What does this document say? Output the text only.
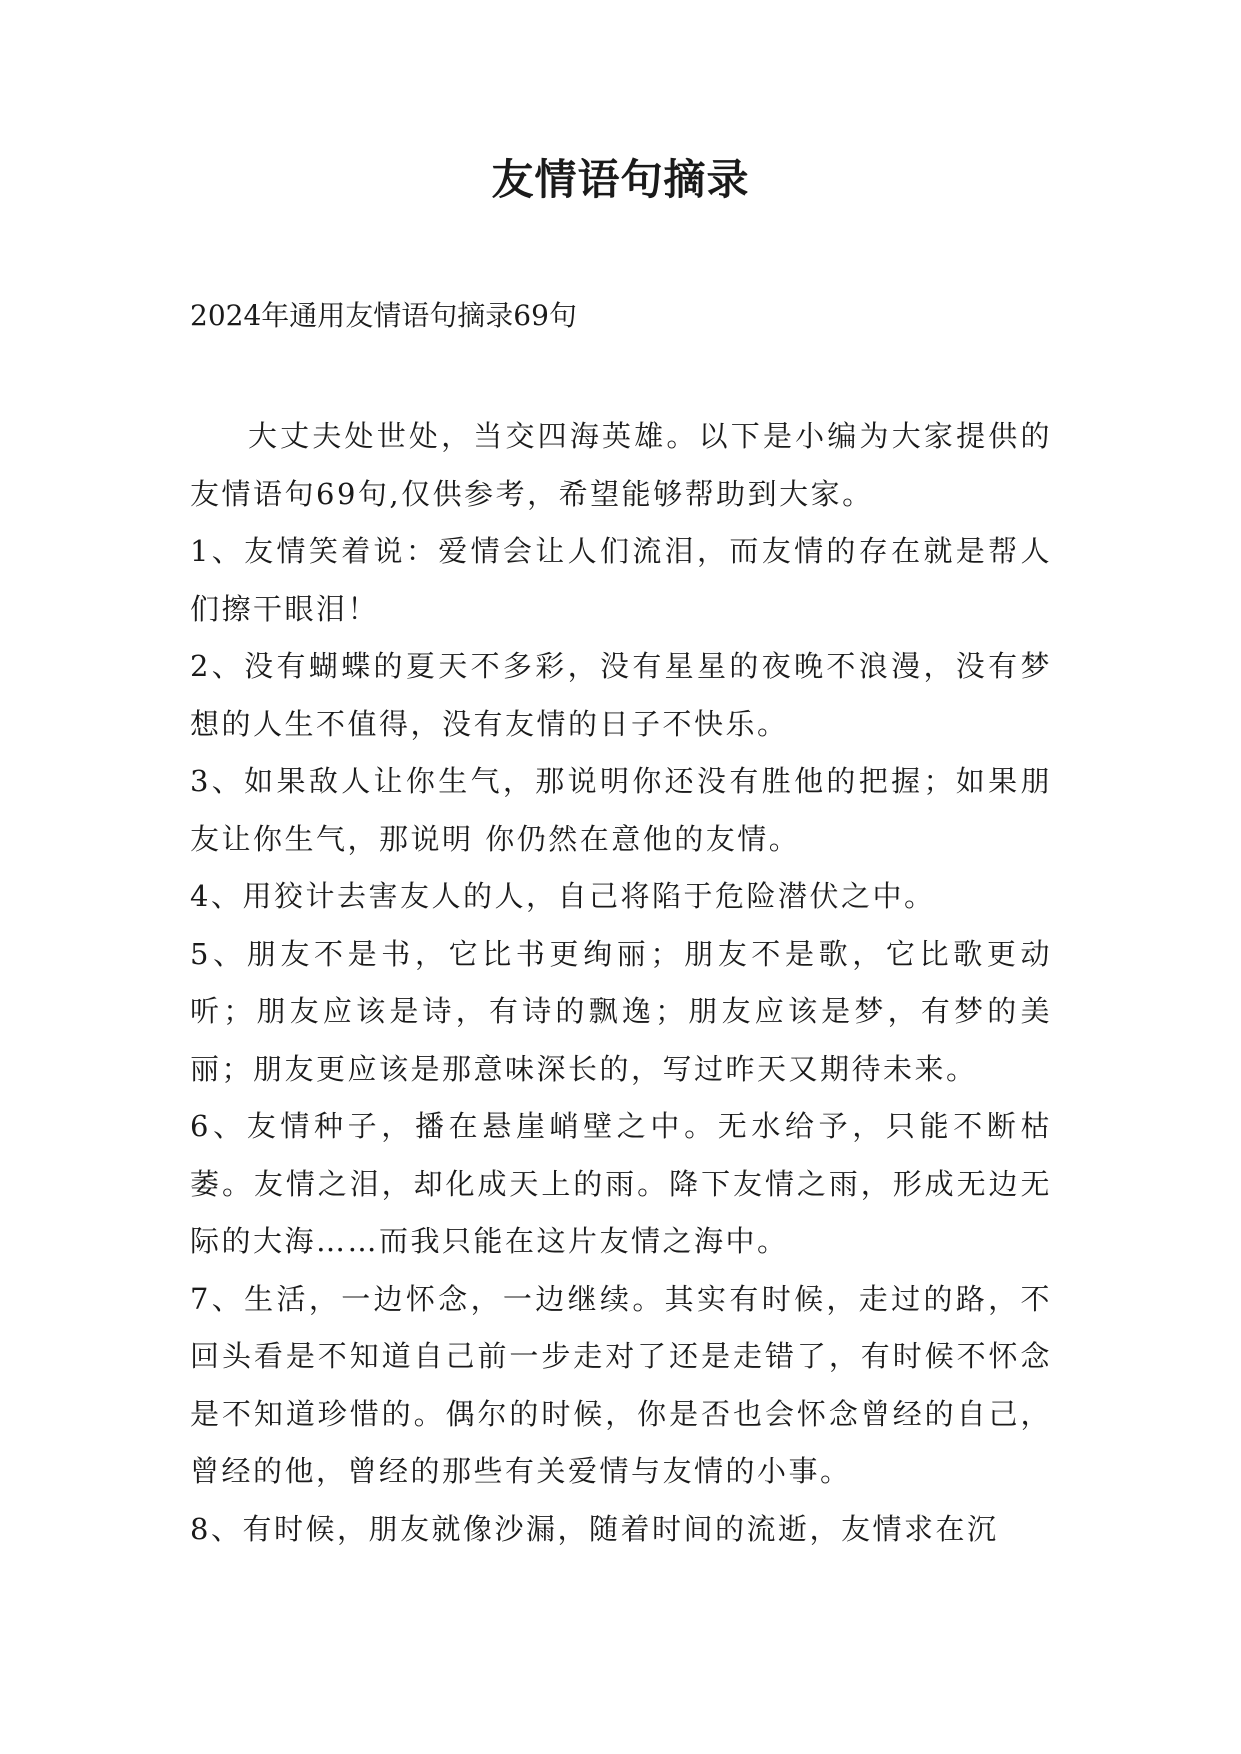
友情语句摘录

2024年通用友情语句摘录69句

大丈夫处世处，当交四海英雄。以下是小编为大家提供的友情语句69句,仅供参考，希望能够帮助到大家。

1、友情笑着说：爱情会让人们流泪，而友情的存在就是帮人们擦干眼泪！

2、没有蝴蝶的夏天不多彩，没有星星的夜晚不浪漫，没有梦想的人生不值得，没有友情的日子不快乐。

3、如果敌人让你生气，那说明你还没有胜他的把握；如果朋友让你生气，那说明 你仍然在意他的友情。

4、用狡计去害友人的人，自己将陷于危险潜伏之中。

5、朋友不是书，它比书更绚丽；朋友不是歌，它比歌更动听；朋友应该是诗，有诗的飘逸；朋友应该是梦，有梦的美丽；朋友更应该是那意味深长的，写过昨天又期待未来。

6、友情种子，播在悬崖峭壁之中。无水给予，只能不断枯萎。友情之泪，却化成天上的雨。降下友情之雨，形成无边无际的大海……而我只能在这片友情之海中。

7、生活，一边怀念，一边继续。其实有时候，走过的路，不回头看是不知道自己前一步走对了还是走错了，有时候不怀念是不知道珍惜的。偶尔的时候，你是否也会怀念曾经的自己，曾经的他，曾经的那些有关爱情与友情的小事。

8、有时候，朋友就像沙漏，随着时间的流逝，友情求在沉
